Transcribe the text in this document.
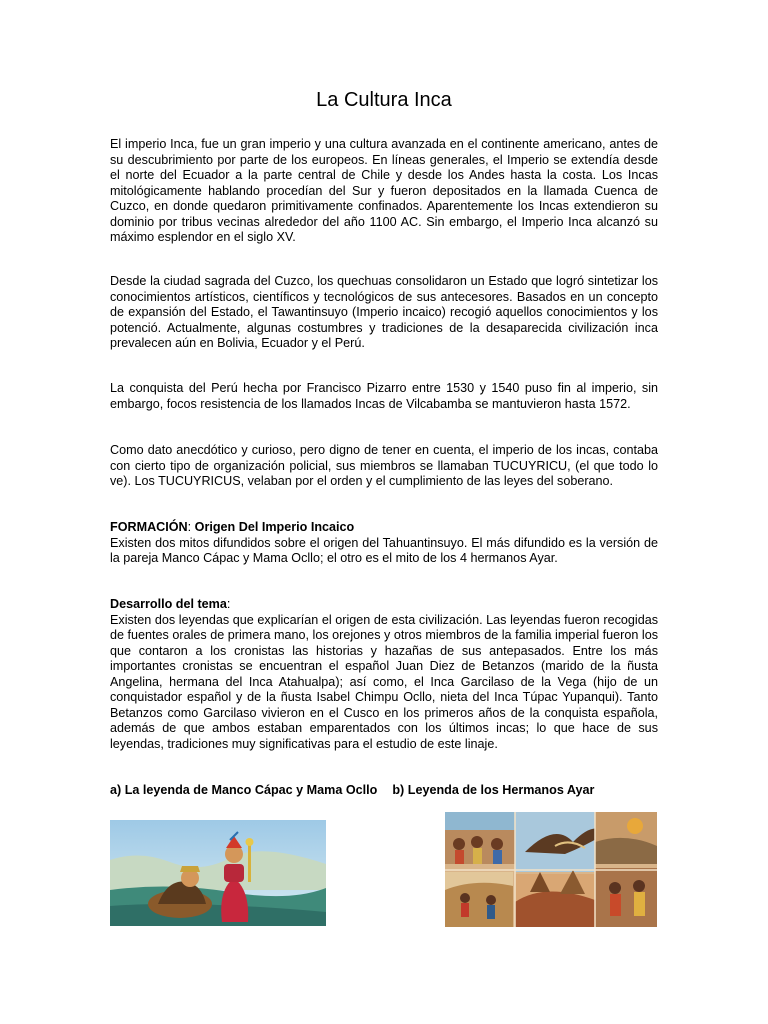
La Cultura Inca

El imperio Inca, fue un gran imperio y una cultura avanzada en el continente americano, antes de su descubrimiento por parte de los europeos. En líneas generales, el Imperio se extendía desde el norte del Ecuador a la parte central de Chile y desde los Andes hasta la costa. Los Incas mitológicamente hablando procedían del Sur y fueron depositados en la llamada Cuenca de Cuzco, en donde quedaron primitivamente confinados. Aparentemente los Incas extendieron su dominio por tribus vecinas alrededor del año 1100 AC. Sin embargo, el Imperio Inca alcanzó su máximo esplendor en el siglo XV.

Desde la ciudad sagrada del Cuzco, los quechuas consolidaron un Estado que logró sintetizar los conocimientos artísticos, científicos y tecnológicos de sus antecesores. Basados en un concepto de expansión del Estado, el Tawantinsuyo (Imperio incaico) recogió aquellos conocimientos y los potenció. Actualmente, algunas costumbres y tradiciones de la desaparecida civilización inca prevalecen aún en Bolivia, Ecuador y el Perú.

La conquista del Perú hecha por Francisco Pizarro entre 1530 y 1540 puso fin al imperio, sin embargo, focos resistencia de los llamados Incas de Vilcabamba se mantuvieron hasta 1572.

Como dato anecdótico y curioso, pero digno de tener en cuenta, el imperio de los incas, contaba con cierto tipo de organización policial, sus miembros se llamaban TUCUYRICU, (el que todo lo ve). Los TUCUYRICUS, velaban por el orden y el cumplimiento de las leyes del soberano.

FORMACIÓN: Origen Del Imperio Incaico
Existen dos mitos difundidos sobre el origen del Tahuantinsuyo. El más difundido es la versión de la pareja Manco Cápac y Mama Ocllo; el otro es el mito de los 4 hermanos Ayar.
Desarrollo del tema:
Existen dos leyendas que explicarían el origen de esta civilización. Las leyendas fueron recogidas de fuentes orales de primera mano, los orejones y otros miembros de la familia imperial fueron los que contaron a los cronistas las historias y hazañas de sus antepasados. Entre los más importantes cronistas se encuentran el español Juan Diez de Betanzos (marido de la ñusta Angelina, hermana del Inca Atahualpa); así como, el Inca Garcilaso de la Vega (hijo de un conquistador español y de la ñusta Isabel Chimpu Ocllo, nieta del Inca Túpac Yupanqui). Tanto Betanzos como Garcilaso vivieron en el Cusco en los primeros años de la conquista española, además de que ambos estaban emparentados con los últimos incas; lo que hace de sus leyendas, tradiciones muy significativas para el estudio de este linaje.
a) La leyenda de Manco Cápac y Mama Ocllo b) Leyenda de los Hermanos Ayar
